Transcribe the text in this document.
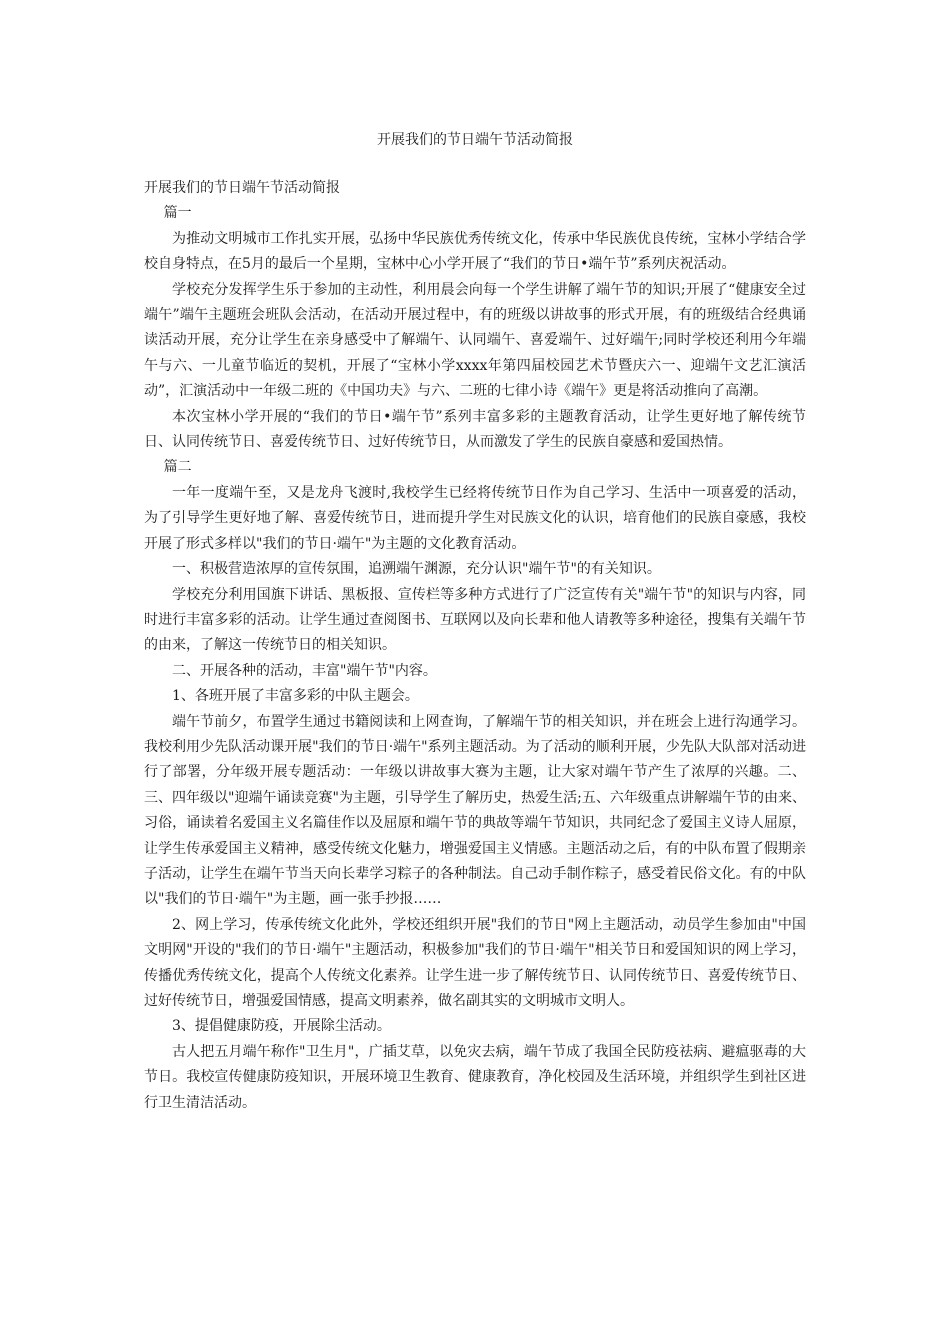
开展我们的节日端午节活动简报

开展我们的节日端午节活动简报

篇一

为推动文明城市工作扎实开展，弘扬中华民族优秀传统文化，传承中华民族优良传统，宝林小学结合学校自身特点，在5月的最后一个星期，宝林中心小学开展了“我们的节日•端午节”系列庆祝活动。

学校充分发挥学生乐于参加的主动性，利用晨会向每一个学生讲解了端午节的知识;开展了“健康安全过端午”端午主题班会班队会活动，在活动开展过程中，有的班级以讲故事的形式开展，有的班级结合经典诵读活动开展，充分让学生在亲身感受中了解端午、认同端午、喜爱端午、过好端午;同时学校还利用今年端午与六、一儿童节临近的契机，开展了“宝林小学xxxx年第四届校园艺术节暨庆六一、迎端午文艺汇演活动”，汇演活动中一年级二班的《中国功夫》与六、二班的七律小诗《端午》更是将活动推向了高潮。

本次宝林小学开展的“我们的节日•端午节”系列丰富多彩的主题教育活动，让学生更好地了解传统节日、认同传统节日、喜爱传统节日、过好传统节日，从而激发了学生的民族自豪感和爱国热情。

篇二

一年一度端午至，又是龙舟飞渡时,我校学生已经将传统节日作为自己学习、生活中一项喜爱的活动，为了引导学生更好地了解、喜爱传统节日，进而提升学生对民族文化的认识，培育他们的民族自豪感，我校开展了形式多样以"我们的节日·端午"为主题的文化教育活动。

一、积极营造浓厚的宣传氛围，追溯端午渊源，充分认识"端午节"的有关知识。

学校充分利用国旗下讲话、黑板报、宣传栏等多种方式进行了广泛宣传有关"端午节"的知识与内容，同时进行丰富多彩的活动。让学生通过查阅图书、互联网以及向长辈和他人请教等多种途径，搜集有关端午节的由来，了解这一传统节日的相关知识。

二、开展各种的活动，丰富"端午节"内容。

1、各班开展了丰富多彩的中队主题会。

端午节前夕，布置学生通过书籍阅读和上网查询，了解端午节的相关知识，并在班会上进行沟通学习。我校利用少先队活动课开展"我们的节日·端午"系列主题活动。为了活动的顺利开展，少先队大队部对活动进行了部署，分年级开展专题活动：一年级以讲故事大赛为主题，让大家对端午节产生了浓厚的兴趣。二、三、四年级以"迎端午诵读竞赛"为主题，引导学生了解历史，热爱生活;五、六年级重点讲解端午节的由来、习俗，诵读着名爱国主义名篇佳作以及屈原和端午节的典故等端午节知识，共同纪念了爱国主义诗人屈原，让学生传承爱国主义精神，感受传统文化魅力，增强爱国主义情感。主题活动之后，有的中队布置了假期亲子活动，让学生在端午节当天向长辈学习粽子的各种制法。自己动手制作粽子，感受着民俗文化。有的中队以"我们的节日·端午"为主题，画一张手抄报……

2、网上学习，传承传统文化此外，学校还组织开展"我们的节日"网上主题活动，动员学生参加由"中国文明网"开设的"我们的节日·端午"主题活动，积极参加"我们的节日·端午"相关节日和爱国知识的网上学习，传播优秀传统文化，提高个人传统文化素养。让学生进一步了解传统节日、认同传统节日、喜爱传统节日、过好传统节日，增强爱国情感，提高文明素养，做名副其实的文明城市文明人。

3、提倡健康防疫，开展除尘活动。

古人把五月端午称作"卫生月"，广插艾草，以免灾去病，端午节成了我国全民防疫祛病、避瘟驱毒的大节日。我校宣传健康防疫知识，开展环境卫生教育、健康教育，净化校园及生活环境，并组织学生到社区进行卫生清洁活动。
